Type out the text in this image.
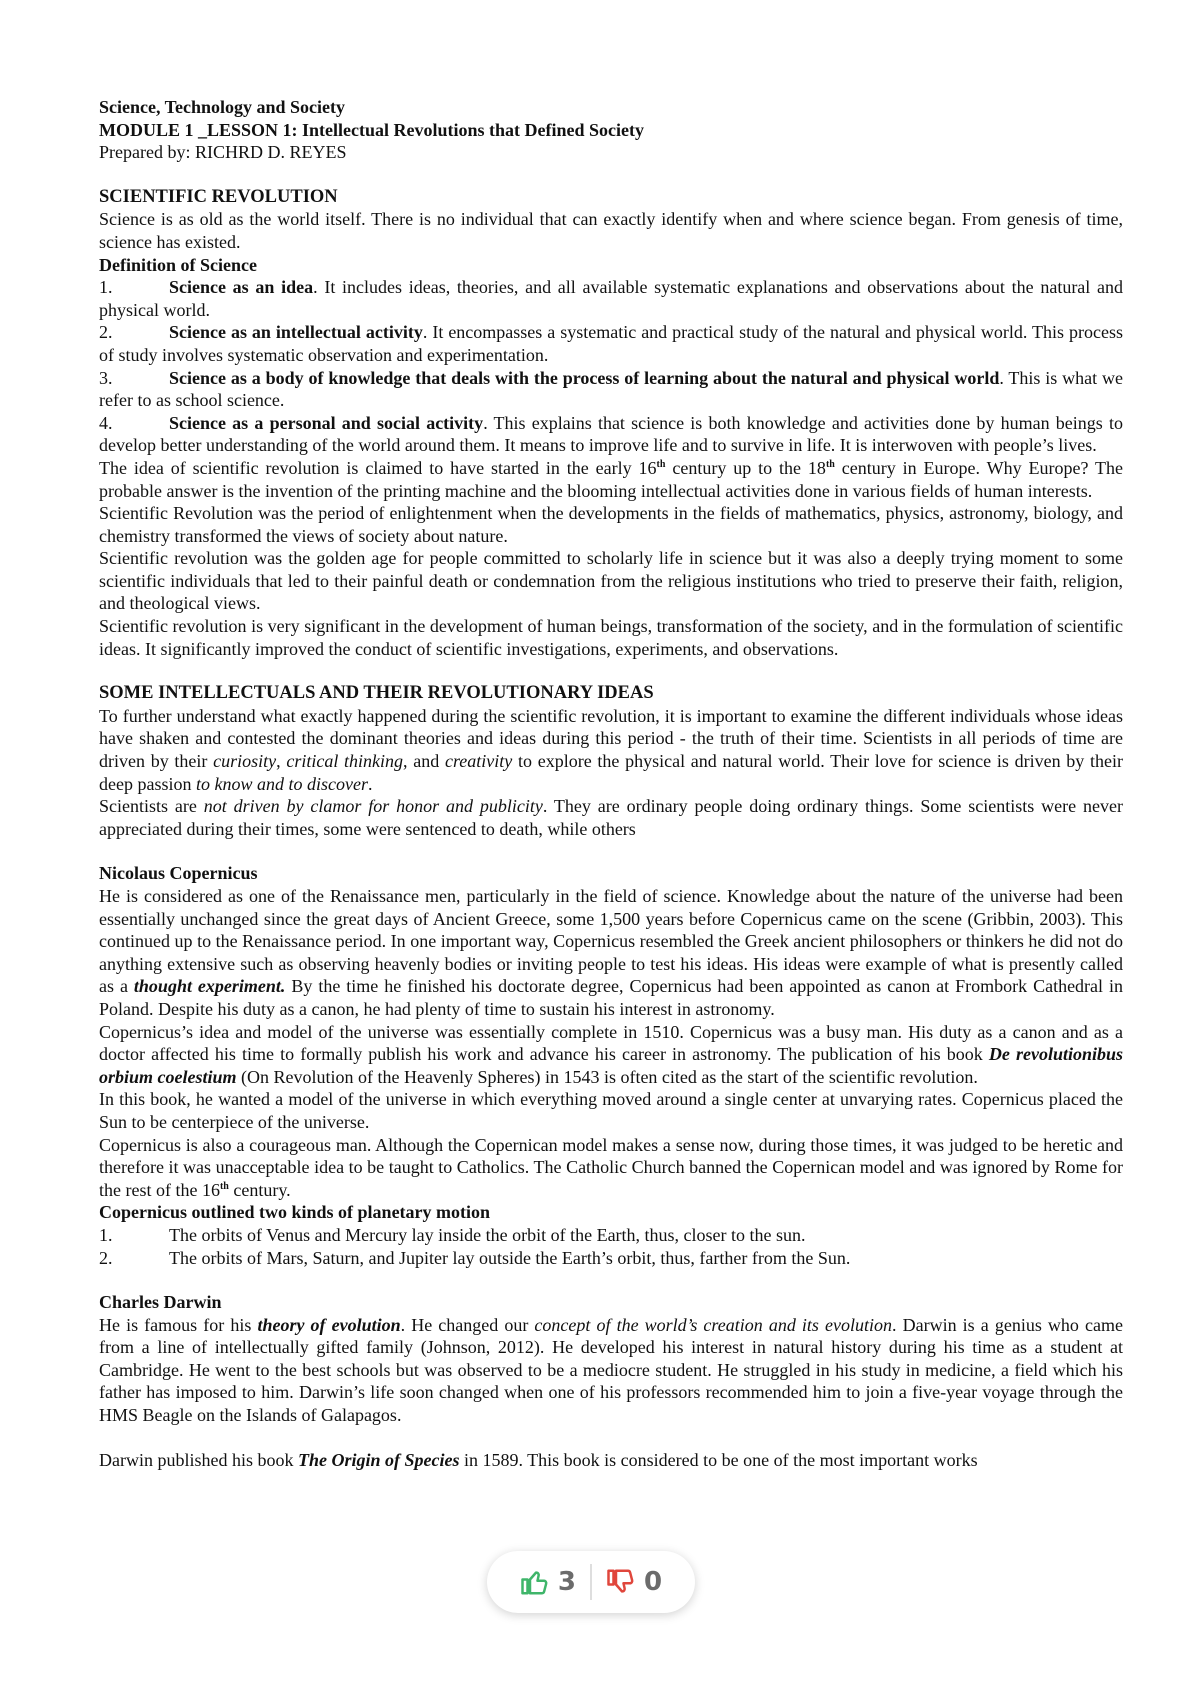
Science, Technology and Society

MODULE 1 _LESSON 1: Intellectual Revolutions that Defined Society

Prepared by: RICHRD D. REYES

SCIENTIFIC REVOLUTION

Science is as old as the world itself. There is no individual that can exactly identify when and where science began. From genesis of time, science has existed.

Definition of Science

1.	Science as an idea. It includes ideas, theories, and all available systematic explanations and observations about the natural and physical world.

2.	Science as an intellectual activity. It encompasses a systematic and practical study of the natural and physical world. This process of study involves systematic observation and experimentation.

3.	Science as a body of knowledge that deals with the process of learning about the natural and physical world. This is what we refer to as school science.

4.	Science as a personal and social activity. This explains that science is both knowledge and activities done by human beings to develop better understanding of the world around them. It means to improve life and to survive in life. It is interwoven with people’s lives.

The idea of scientific revolution is claimed to have started in the early 16th century up to the 18th century in Europe. Why Europe? The probable answer is the invention of the printing machine and the blooming intellectual activities done in various fields of human interests.

Scientific Revolution was the period of enlightenment when the developments in the fields of mathematics, physics, astronomy, biology, and chemistry transformed the views of society about nature.

Scientific revolution was the golden age for people committed to scholarly life in science but it was also a deeply trying moment to some scientific individuals that led to their painful death or condemnation from the religious institutions who tried to preserve their faith, religion, and theological views.

Scientific revolution is very significant in the development of human beings, transformation of the society, and in the formulation of scientific ideas. It significantly improved the conduct of scientific investigations, experiments, and observations.

SOME INTELLECTUALS AND THEIR REVOLUTIONARY IDEAS

To further understand what exactly happened during the scientific revolution, it is important to examine the different individuals whose ideas have shaken and contested the dominant theories and ideas during this period - the truth of their time. Scientists in all periods of time are driven by their curiosity, critical thinking, and creativity to explore the physical and natural world. Their love for science is driven by their deep passion to know and to discover.

Scientists are not driven by clamor for honor and publicity. They are ordinary people doing ordinary things. Some scientists were never appreciated during their times, some were sentenced to death, while others

Nicolaus Copernicus

He is considered as one of the Renaissance men, particularly in the field of science. Knowledge about the nature of the universe had been essentially unchanged since the great days of Ancient Greece, some 1,500 years before Copernicus came on the scene (Gribbin, 2003). This continued up to the Renaissance period. In one important way, Copernicus resembled the Greek ancient philosophers or thinkers he did not do anything extensive such as observing heavenly bodies or inviting people to test his ideas. His ideas were example of what is presently called as a thought experiment. By the time he finished his doctorate degree, Copernicus had been appointed as canon at Frombork Cathedral in Poland. Despite his duty as a canon, he had plenty of time to sustain his interest in astronomy.

Copernicus’s idea and model of the universe was essentially complete in 1510. Copernicus was a busy man. His duty as a canon and as a doctor affected his time to formally publish his work and advance his career in astronomy. The publication of his book De revolutionibus orbium coelestium (On Revolution of the Heavenly Spheres) in 1543 is often cited as the start of the scientific revolution.

In this book, he wanted a model of the universe in which everything moved around a single center at unvarying rates. Copernicus placed the Sun to be centerpiece of the universe.

Copernicus is also a courageous man. Although the Copernican model makes a sense now, during those times, it was judged to be heretic and therefore it was unacceptable idea to be taught to Catholics. The Catholic Church banned the Copernican model and was ignored by Rome for the rest of the 16th century.

Copernicus outlined two kinds of planetary motion

1.	The orbits of Venus and Mercury lay inside the orbit of the Earth, thus, closer to the sun.

2.	The orbits of Mars, Saturn, and Jupiter lay outside the Earth’s orbit, thus, farther from the Sun.

Charles Darwin

He is famous for his theory of evolution. He changed our concept of the world’s creation and its evolution. Darwin is a genius who came from a line of intellectually gifted family (Johnson, 2012). He developed his interest in natural history during his time as a student at Cambridge. He went to the best schools but was observed to be a mediocre student. He struggled in his study in medicine, a field which his father has imposed to him. Darwin’s life soon changed when one of his professors recommended him to join a five-year voyage through the HMS Beagle on the Islands of Galapagos.

Darwin published his book The Origin of Species in 1589. This book is considered to be one of the most important works

3	0
